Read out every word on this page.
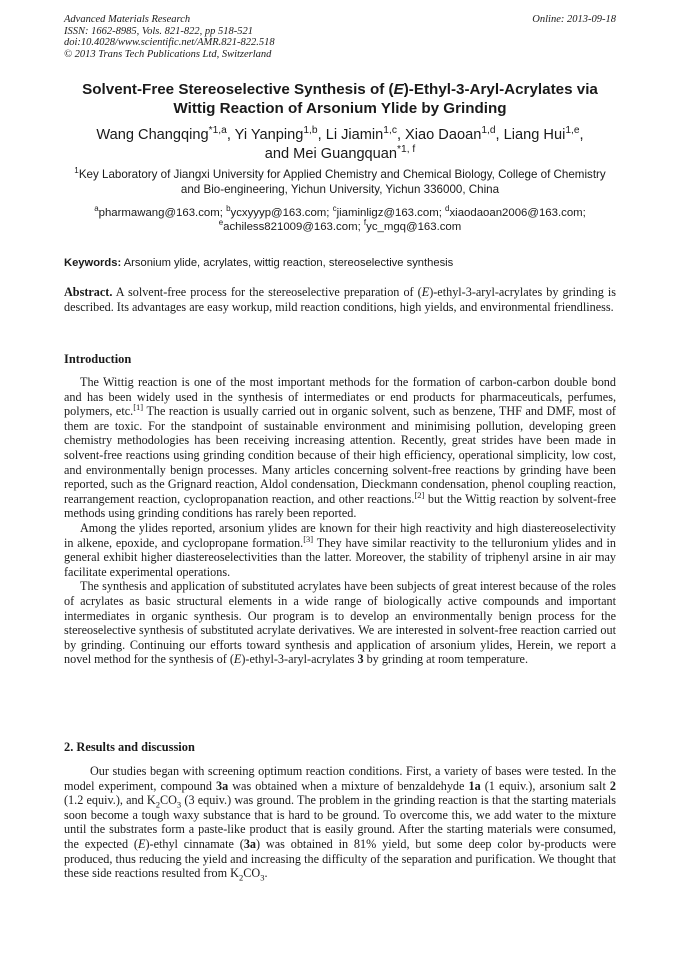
Advanced Materials Research
ISSN: 1662-8985, Vols. 821-822, pp 518-521
doi:10.4028/www.scientific.net/AMR.821-822.518
© 2013 Trans Tech Publications Ltd, Switzerland
Online: 2013-09-18
Solvent-Free Stereoselective Synthesis of (E)-Ethyl-3-Aryl-Acrylates via Wittig Reaction of Arsonium Ylide by Grinding
Wang Changqing$^{*1,a}$, Yi Yanping$^{1,b}$, Li Jiamin$^{1,c}$, Xiao Daoan$^{1,d}$, Liang Hui$^{1,e}$,
and Mei Guangquan$^{*1, f}$
$^1$Key Laboratory of Jiangxi University for Applied Chemistry and Chemical Biology, College of Chemistry and Bio-engineering, Yichun University, Yichun 336000, China
$^a$pharmawang@163.com; $^b$ycxyyyp@163.com; $^c$jiaminligz@163.com; $^d$xiaodaoan2006@163.com;
$^e$achiless821009@163.com; $^f$yc_mgq@163.com
Keywords: Arsonium ylide, acrylates, wittig reaction, stereoselective synthesis
Abstract. A solvent-free process for the stereoselective preparation of (E)-ethyl-3-aryl-acrylates by grinding is described. Its advantages are easy workup, mild reaction conditions, high yields, and environmental friendliness.
Introduction

The Wittig reaction is one of the most important methods for the formation of carbon-carbon double bond and has been widely used in the synthesis of intermediates or end products for pharmaceuticals, perfumes, polymers, etc.[1] The reaction is usually carried out in organic solvent, such as benzene, THF and DMF, most of them are toxic. For the standpoint of sustainable environment and minimising pollution, developing green chemistry methodologies has been receiving increasing attention. Recently, great strides have been made in solvent-free reactions using grinding condition because of their high efficiency, operational simplicity, low cost, and environmentally benign processes. Many articles concerning solvent-free reactions by grinding have been reported, such as the Grignard reaction, Aldol condensation, Dieckmann condensation, phenol coupling reaction, rearrangement reaction, cyclopropanation reaction, and other reactions.[2] but the Wittig reaction by solvent-free methods using grinding conditions has rarely been reported.

Among the ylides reported, arsonium ylides are known for their high reactivity and high diastereoselectivity in alkene, epoxide, and cyclopropane formation.[3] They have similar reactivity to the telluronium ylides and in general exhibit higher diastereoselectivities than the latter. Moreover, the stability of triphenyl arsine in air may facilitate experimental operations.

The synthesis and application of substituted acrylates have been subjects of great interest because of the roles of acrylates as basic structural elements in a wide range of biologically active compounds and important intermediates in organic synthesis. Our program is to develop an environmentally benign process for the stereoselective synthesis of substituted acrylate derivatives. We are interested in solvent-free reaction carried out by grinding. Continuing our efforts toward synthesis and application of arsonium ylides, Herein, we report a novel method for the synthesis of (E)-ethyl-3-aryl-acrylates 3 by grinding at room temperature.

2. Results and discussion

Our studies began with screening optimum reaction conditions. First, a variety of bases were tested. In the model experiment, compound 3a was obtained when a mixture of benzaldehyde 1a (1 equiv.), arsonium salt 2 (1.2 equiv.), and $K_2CO_3$ (3 equiv.) was ground. The problem in the grinding reaction is that the starting materials soon become a tough waxy substance that is hard to be ground. To overcome this, we add water to the mixture until the substrates form a paste-like product that is easily ground. After the starting materials were consumed, the expected (E)-ethyl cinnamate (3a) was obtained in 81% yield, but some deep color by-products were produced, thus reducing the yield and increasing the difficulty of the separation and purification. We thought that these side reactions resulted from $K_2CO_3$.
